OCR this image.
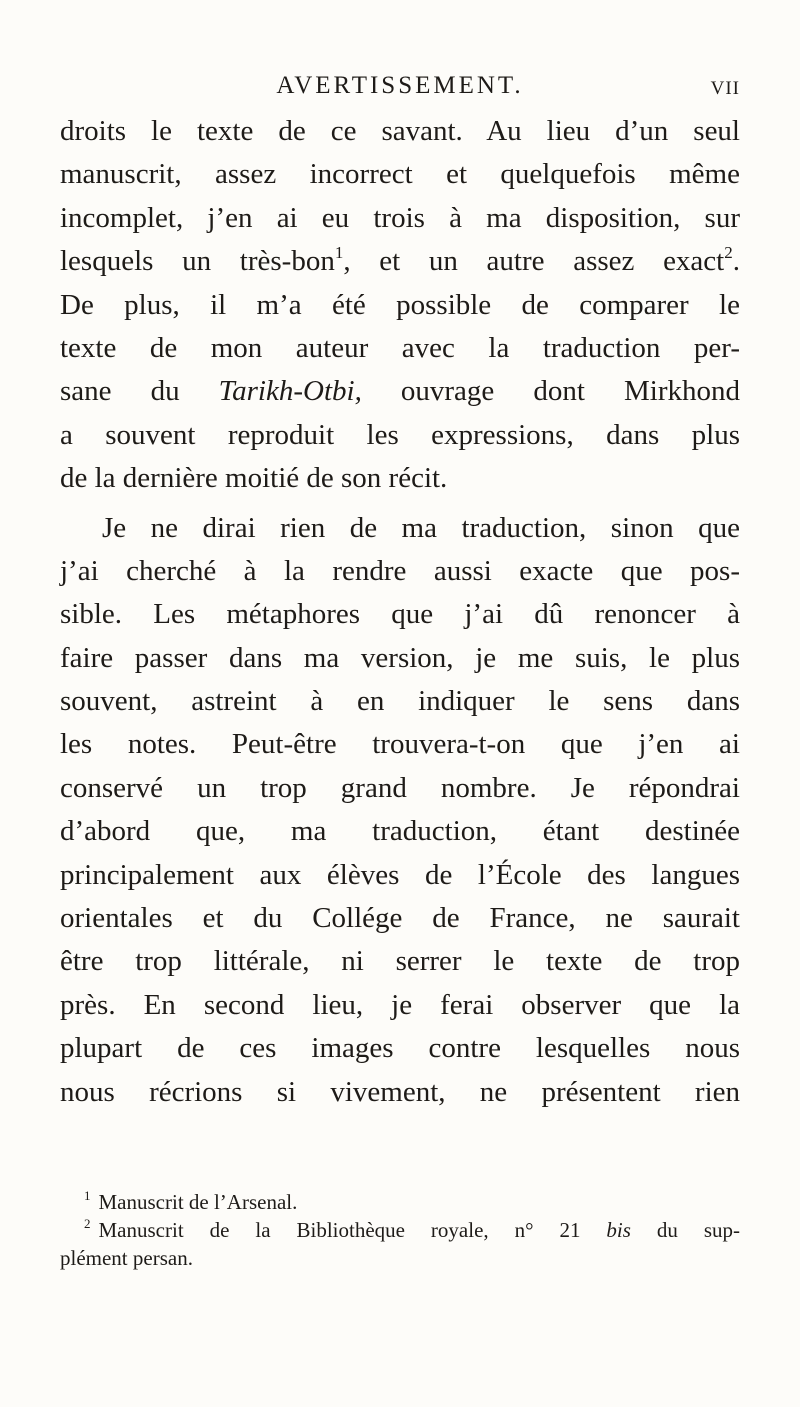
AVERTISSEMENT.	VII
droits le texte de ce savant. Au lieu d’un seul
manuscrit, assez incorrect et quelquefois même
incomplet, j’en ai eu trois à ma disposition, sur
lesquels un très-bon$^1$, et un autre assez exact$^2$.
De plus, il m’a été possible de comparer le
texte de mon auteur avec la traduction per-
sane du Tarikh-Otbi, ouvrage dont Mirkhond
a souvent reproduit les expressions, dans plus
de la dernière moitié de son récit.
Je ne dirai rien de ma traduction, sinon que
j’ai cherché à la rendre aussi exacte que pos-
sible. Les métaphores que j’ai dû renoncer à
faire passer dans ma version, je me suis, le plus
souvent, astreint à en indiquer le sens dans
les notes. Peut-être trouvera-t-on que j’en ai
conservé un trop grand nombre. Je répondrai
d’abord que, ma traduction, étant destinée
principalement aux élèves de l’École des langues
orientales et du Collége de France, ne saurait
être trop littérale, ni serrer le texte de trop
près. En second lieu, je ferai observer que la
plupart de ces images contre lesquelles nous
nous récrions si vivement, ne présentent rien
$^1$ Manuscrit de l’Arsenal.
$^2$ Manuscrit de la Bibliothèque royale, n° 21 bis du sup-
plément persan.
